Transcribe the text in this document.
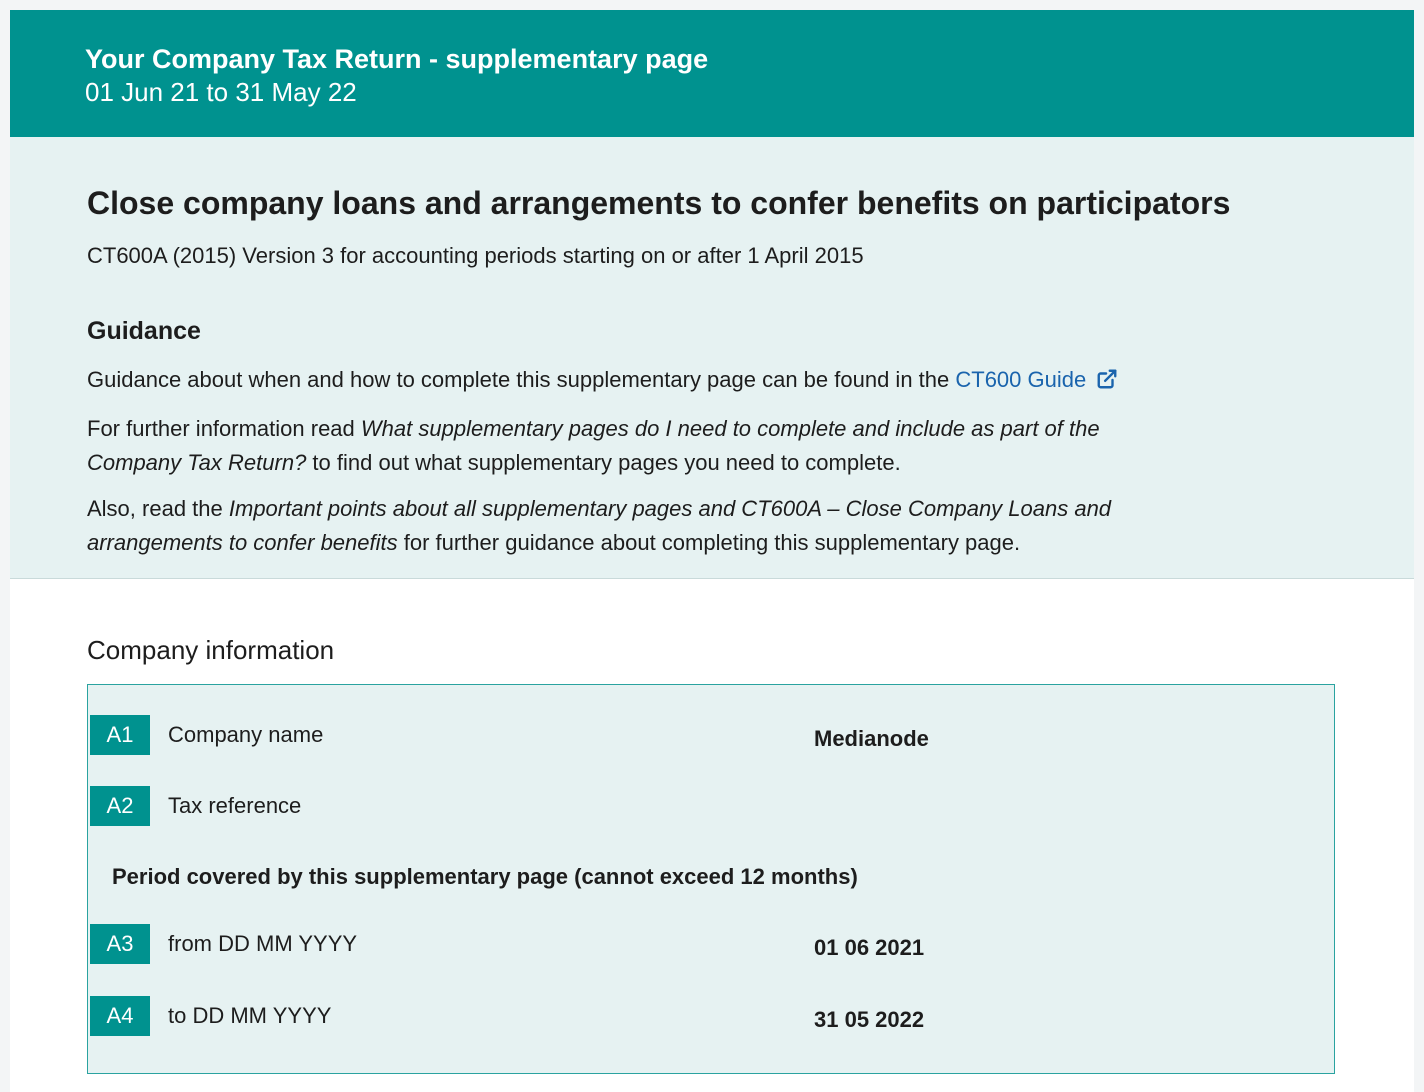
Your Company Tax Return - supplementary page
01 Jun 21 to 31 May 22
Close company loans and arrangements to confer benefits on participators
CT600A (2015) Version 3 for accounting periods starting on or after 1 April 2015
Guidance

Guidance about when and how to complete this supplementary page can be found in the CT600 Guide

For further information read What supplementary pages do I need to complete and include as part of the Company Tax Return? to find out what supplementary pages you need to complete.

Also, read the Important points about all supplementary pages and CT600A – Close Company Loans and arrangements to confer benefits for further guidance about completing this supplementary page.

Company information
A1	Company name	Medianode
A2	Tax reference
Period covered by this supplementary page (cannot exceed 12 months)
A3	from DD MM YYYY	01 06 2021
A4	to DD MM YYYY	31 05 2022
